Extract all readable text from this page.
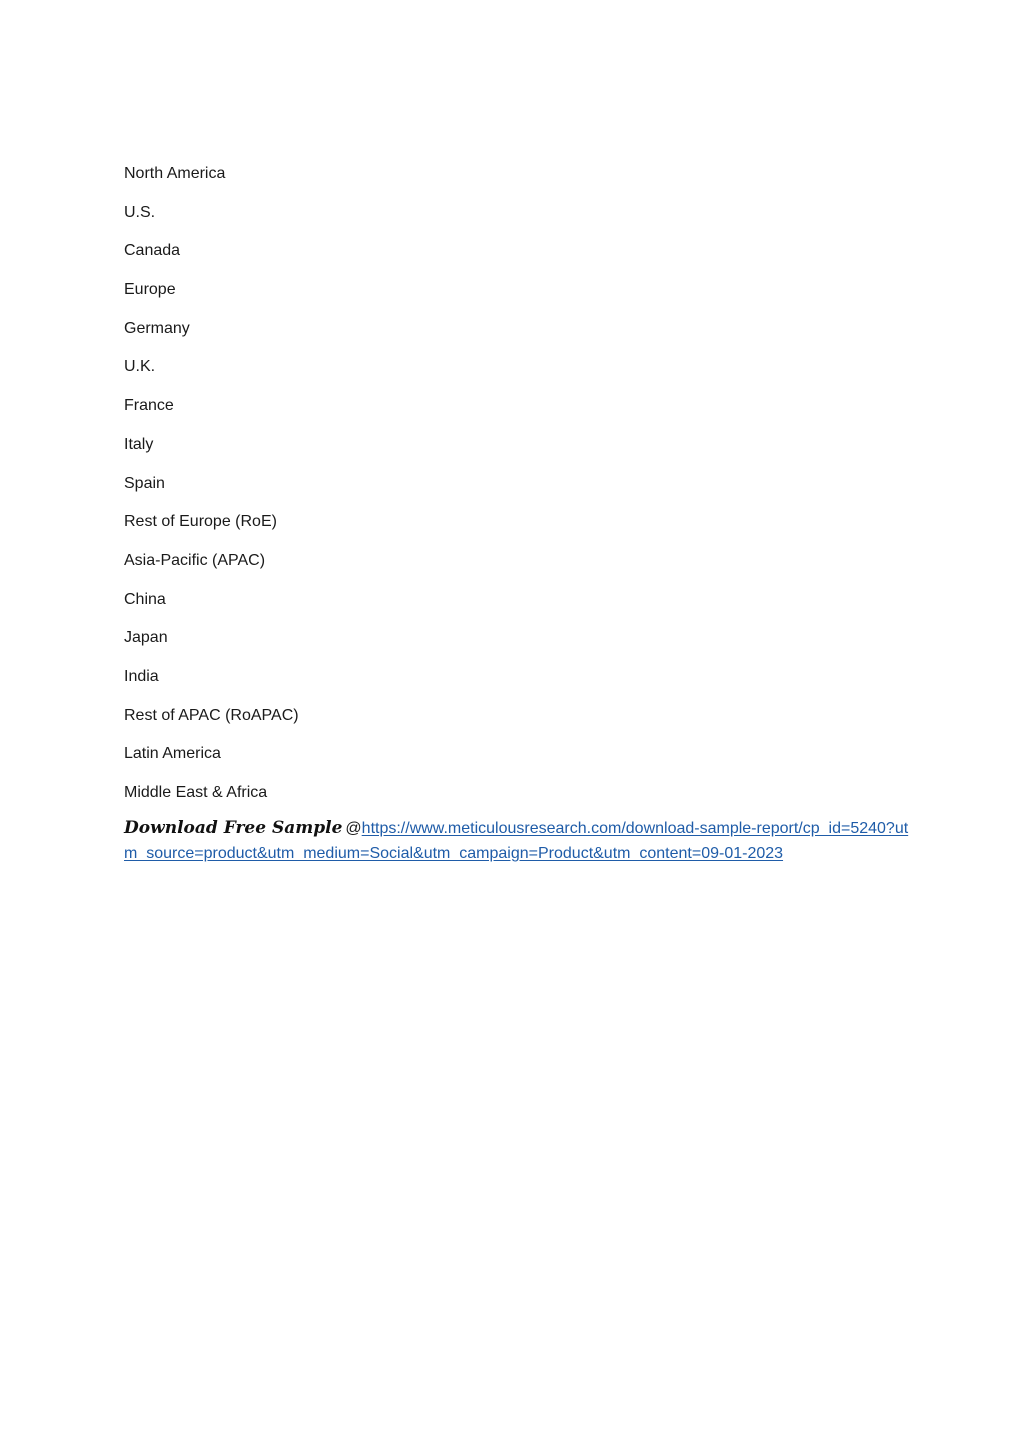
North America
U.S.
Canada
Europe
Germany
U.K.
France
Italy
Spain
Rest of Europe (RoE)
Asia-Pacific (APAC)
China
Japan
India
Rest of APAC (RoAPAC)
Latin America
Middle East & Africa

Download Free Sample @https://www.meticulousresearch.com/download-sample-report/cp_id=5240?utm_source=product&utm_medium=Social&utm_campaign=Product&utm_content=09-01-2023
